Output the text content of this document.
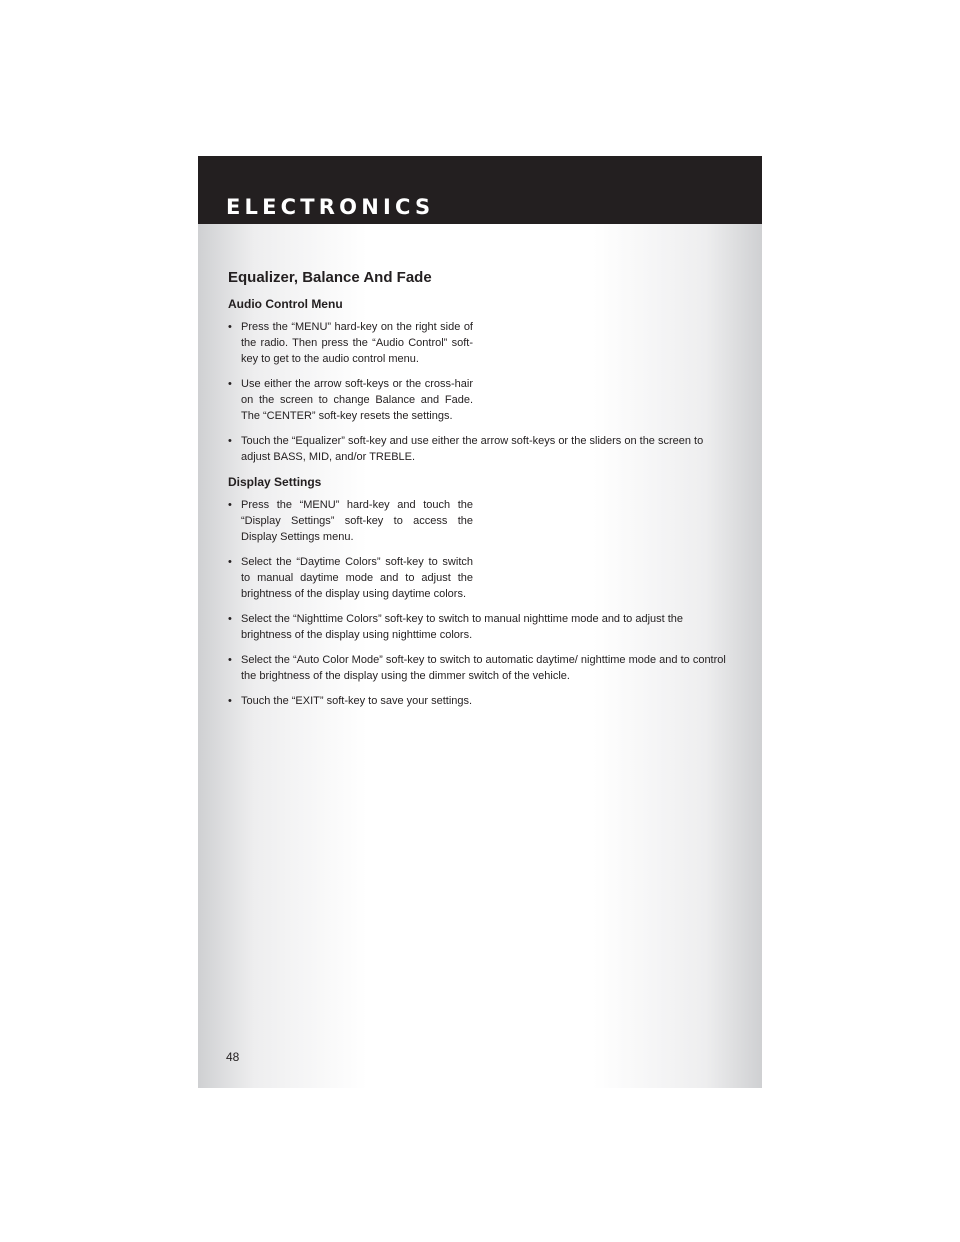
ELECTRONICS
Equalizer, Balance And Fade
Audio Control Menu
• Press the “MENU” hard-key on the right side of the radio. Then press the “Audio Control” soft-key to get to the audio control menu.
• Use either the arrow soft-keys or the cross-hair on the screen to change Balance and Fade. The “CENTER” soft-key resets the settings.
• Touch the “Equalizer” soft-key and use either the arrow soft-keys or the sliders on the screen to adjust BASS, MID, and/or TREBLE.
Display Settings
• Press the “MENU” hard-key and touch the “Display Settings” soft-key to access the Display Settings menu.
• Select the “Daytime Colors” soft-key to switch to manual daytime mode and to adjust the brightness of the display using daytime colors.
• Select the “Nighttime Colors” soft-key to switch to manual nighttime mode and to adjust the brightness of the display using nighttime colors.
• Select the “Auto Color Mode” soft-key to switch to automatic daytime/ nighttime mode and to control the brightness of the display using the dimmer switch of the vehicle.
• Touch the “EXIT” soft-key to save your settings.

48
